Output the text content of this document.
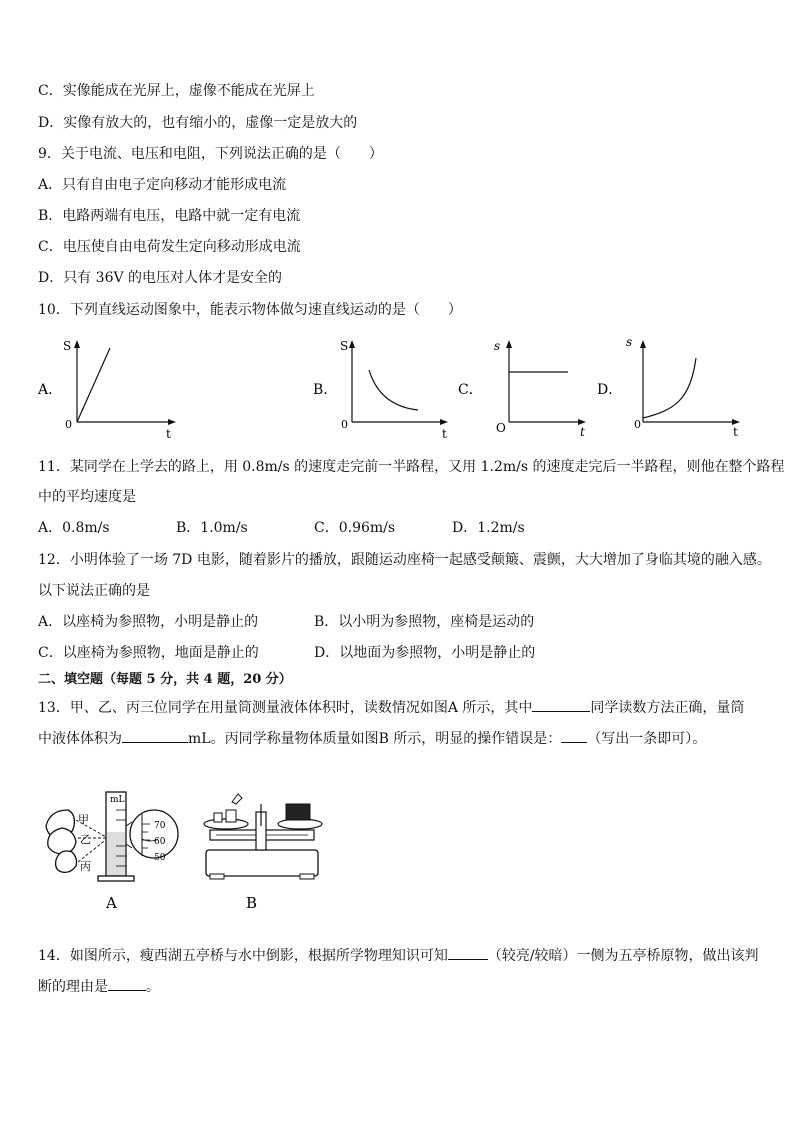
C．实像能成在光屏上，虚像不能成在光屏上
D．实像有放大的，也有缩小的，虚像一定是放大的
9．关于电流、电压和电阻，下列说法正确的是（　　）
A．只有自由电子定向移动才能形成电流
B．电路两端有电压，电路中就一定有电流
C．电压使自由电荷发生定向移动形成电流
D．只有 36V 的电压对人体才是安全的
10．下列直线运动图象中，能表示物体做匀速直线运动的是（　　）
A．
S
t
0
B．
S
t
0
C．
s
t
O
D．
s
t
0
11．某同学在上学去的路上，用 0.8m/s 的速度走完前一半路程，又用 1.2m/s 的速度走完后一半路程，则他在整个路程
中的平均速度是
A．0.8m/s	B．1.0m/s	C．0.96m/s	D．1.2m/s
12．小明体验了一场 7D 电影，随着影片的播放，跟随运动座椅一起感受颠簸、震颤，大大增加了身临其境的融入感。
以下说法正确的是
A．以座椅为参照物，小明是静止的	B．以小明为参照物，座椅是运动的
C．以座椅为参照物，地面是静止的	D．以地面为参照物，小明是静止的
二、填空题（每题 5 分，共 4 题，20 分）
13．甲、乙、丙三位同学在用量筒测量液体体积时，读数情况如图A 所示，其中	同学读数方法正确，量筒
中液体体积为	mL。丙同学称量物体质量如图B 所示，明显的操作错误是： （写出一条即可）。
甲
乙
丙
mL
70
60
50
A	B
14．如图所示，瘦西湖五亭桥与水中倒影，根据所学物理知识可知	（较亮/较暗）一侧为五亭桥原物，做出该判
断的理由是	。
